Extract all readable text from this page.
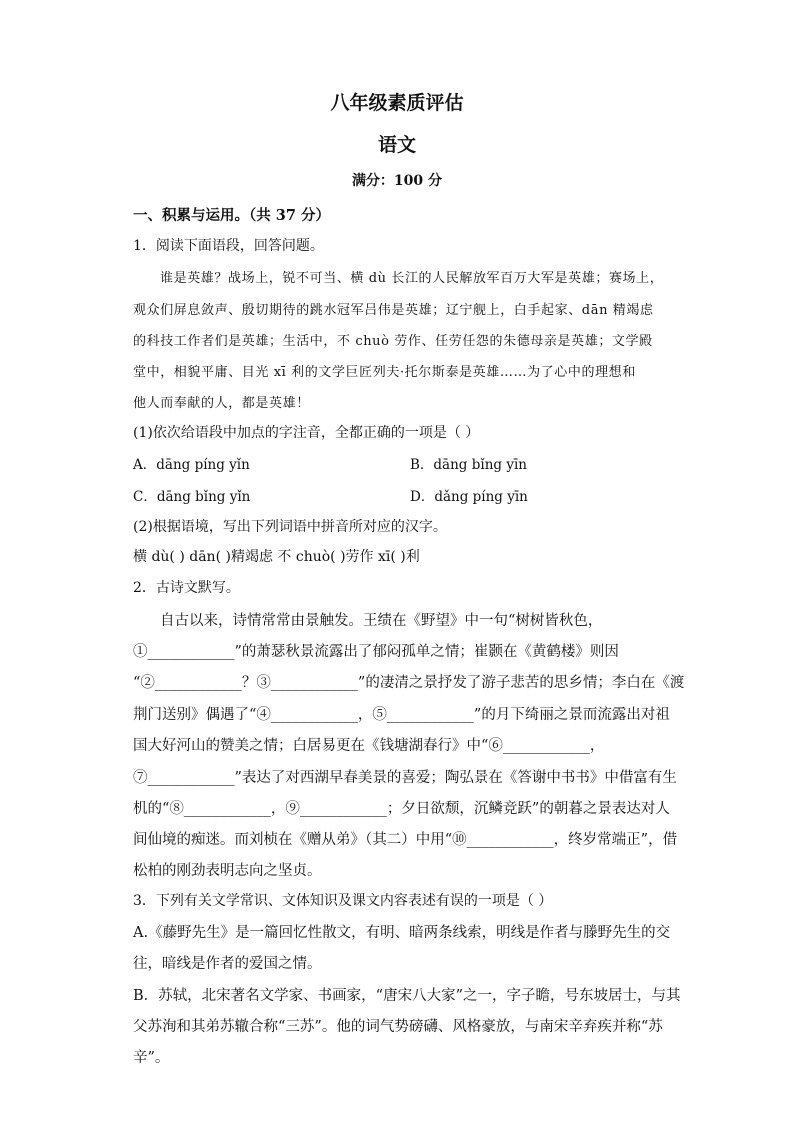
八年级素质评估
语文
满分：100 分
一、积累与运用。（共 37 分）
1．阅读下面语段，回答问题。
谁是英雄？战场上，锐不可当、横 dù 长江的人民解放军百万大军是英雄；赛场上，
观众们屏息敛声、殷切期待的跳水冠军吕伟是英雄；辽宁舰上，白手起家、dān 精竭虑
的科技工作者们是英雄；生活中，不 chuò 劳作、任劳任怨的朱德母亲是英雄；文学殿
堂中，相貌平庸、目光 xī 利的文学巨匠列夫·托尔斯泰是英雄……为了心中的理想和
他人而奉献的人，都是英雄！
(1)依次给语段中加点的字注音，全都正确的一项是（ ）
A．dāng píng yǐn	B．dāng bǐng yīn
C．dāng bǐng yǐn	D．dǎng píng yīn
(2)根据语境，写出下列词语中拼音所对应的汉字。
横 dù( ) dān( )精竭虑 不 chuò( )劳作 xī( )利
2．古诗文默写。
自古以来，诗情常常由景触发。王绩在《野望》中一句“树树皆秋色，
①____________”的萧瑟秋景流露出了郁闷孤单之情；崔颢在《黄鹤楼》则因
“②____________？③____________”的凄清之景抒发了游子悲苦的思乡情；李白在《渡
荆门送别》偶遇了“④____________，⑤____________”的月下绮丽之景而流露出对祖
国大好河山的赞美之情；白居易更在《钱塘湖春行》中“⑥____________，
⑦____________”表达了对西湖早春美景的喜爱；陶弘景在《答谢中书书》中借富有生
机的“⑧____________，⑨____________；夕日欲颓，沉鳞竞跃”的朝暮之景表达对人
间仙境的痴迷。而刘桢在《赠从弟》（其二）中用“⑩____________，终岁常端正”，借
松柏的刚劲表明志向之坚贞。
3．下列有关文学常识、文体知识及课文内容表述有误的一项是（ ）
A.《藤野先生》是一篇回忆性散文，有明、暗两条线索，明线是作者与滕野先生的交
往，暗线是作者的爱国之情。
B．苏轼，北宋著名文学家、书画家，“唐宋八大家”之一，字子瞻，号东坡居士，与其
父苏洵和其弟苏辙合称“三苏”。他的词气势磅礴、风格豪放，与南宋辛弃疾并称“苏
辛”。
